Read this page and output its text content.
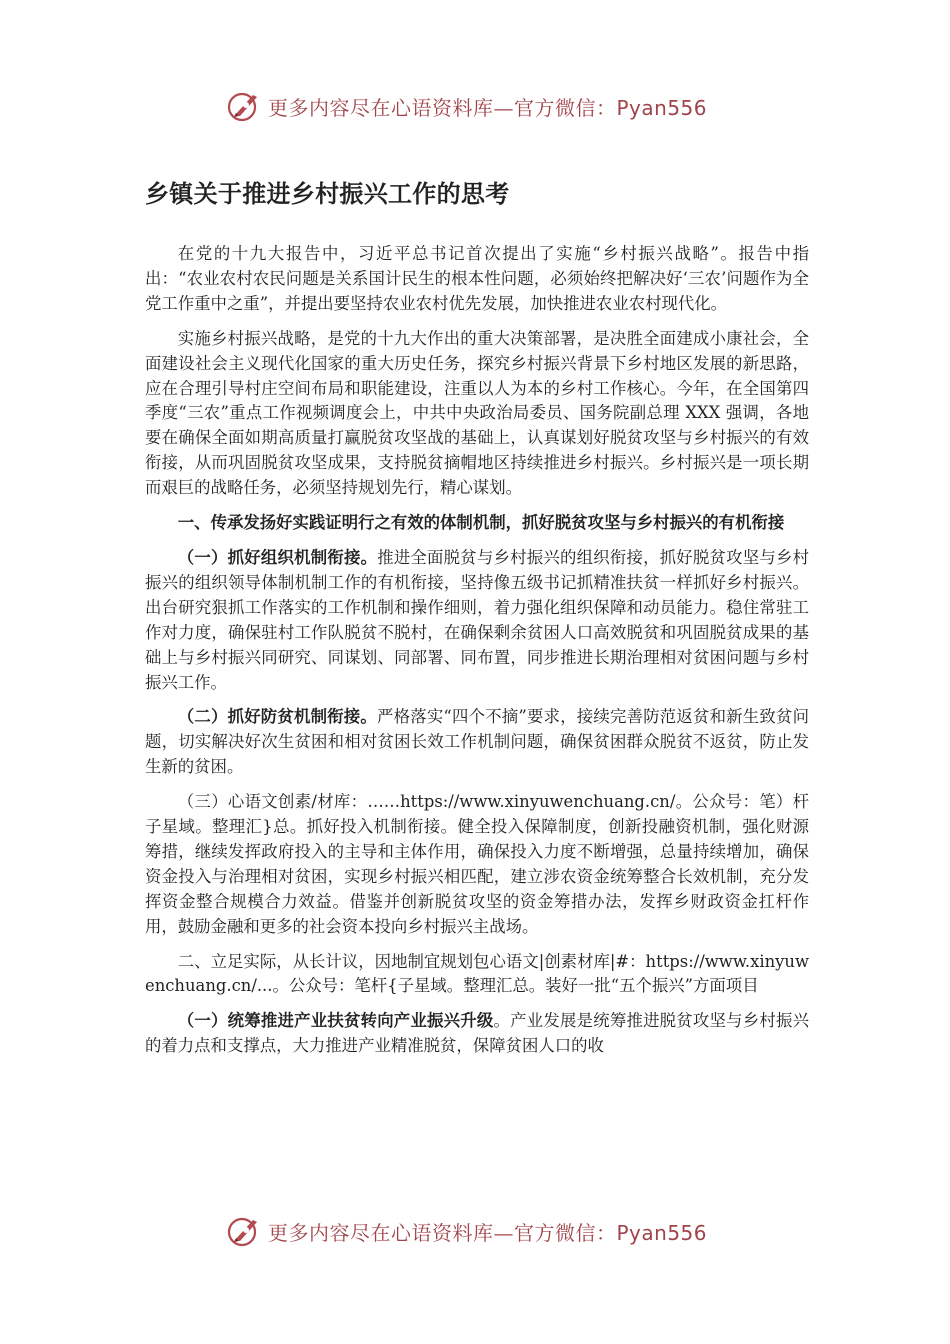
更多内容尽在心语资料库—官方微信：Pyan556
乡镇关于推进乡村振兴工作的思考

在党的十九大报告中，习近平总书记首次提出了实施“乡村振兴战略”。报告中指出：“农业农村农民问题是关系国计民生的根本性问题，必须始终把解决好‘三农’问题作为全党工作重中之重”，并提出要坚持农业农村优先发展，加快推进农业农村现代化。

实施乡村振兴战略，是党的十九大作出的重大决策部署，是决胜全面建成小康社会，全面建设社会主义现代化国家的重大历史任务，探究乡村振兴背景下乡村地区发展的新思路，应在合理引导村庄空间布局和职能建设，注重以人为本的乡村工作核心。今年，在全国第四季度“三农”重点工作视频调度会上，中共中央政治局委员、国务院副总理 XXX 强调，各地要在确保全面如期高质量打赢脱贫攻坚战的基础上，认真谋划好脱贫攻坚与乡村振兴的有效衔接，从而巩固脱贫攻坚成果，支持脱贫摘帽地区持续推进乡村振兴。乡村振兴是一项长期而艰巨的战略任务，必须坚持规划先行，精心谋划。

一、传承发扬好实践证明行之有效的体制机制，抓好脱贫攻坚与乡村振兴的有机衔接

（一）抓好组织机制衔接。推进全面脱贫与乡村振兴的组织衔接，抓好脱贫攻坚与乡村振兴的组织领导体制机制工作的有机衔接，坚持像五级书记抓精准扶贫一样抓好乡村振兴。出台研究狠抓工作落实的工作机制和操作细则，着力强化组织保障和动员能力。稳住常驻工作对力度，确保驻村工作队脱贫不脱村，在确保剩余贫困人口高效脱贫和巩固脱贫成果的基础上与乡村振兴同研究、同谋划、同部署、同布置，同步推进长期治理相对贫困问题与乡村振兴工作。

（二）抓好防贫机制衔接。严格落实“四个不摘”要求，接续完善防范返贫和新生致贫问题，切实解决好次生贫困和相对贫困长效工作机制问题，确保贫困群众脱贫不返贫，防止发生新的贫困。

（三）心语文创素/材库：……https://www.xinyuwenchuang.cn/。公众号：笔）杆子星域。整理汇}总。抓好投入机制衔接。健全投入保障制度，创新投融资机制，强化财源筹措，继续发挥政府投入的主导和主体作用，确保投入力度不断增强，总量持续增加，确保资金投入与治理相对贫困，实现乡村振兴相匹配，建立涉农资金统筹整合长效机制，充分发挥资金整合规模合力效益。借鉴并创新脱贫攻坚的资金筹措办法，发挥乡财政资金扛杆作用，鼓励金融和更多的社会资本投向乡村振兴主战场。

二、立足实际，从长计议，因地制宜规划包心语文|创素材库|#：https://www.xinyuwenchuang.cn/...。公众号：笔杆{子星域。整理汇总。装好一批“五个振兴”方面项目

（一）统筹推进产业扶贫转向产业振兴升级。产业发展是统筹推进脱贫攻坚与乡村振兴的着力点和支撑点，大力推进产业精准脱贫，保障贫困人口的收

更多内容尽在心语资料库—官方微信：Pyan556
